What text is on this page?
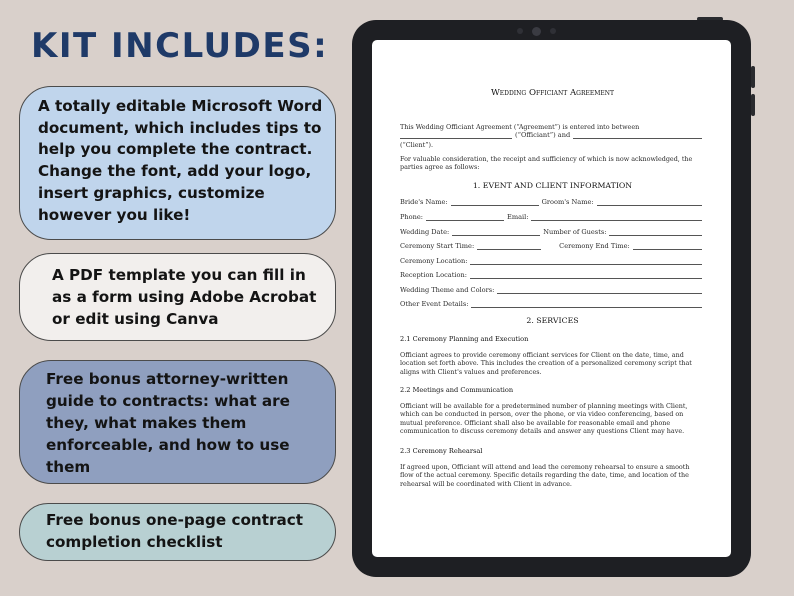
KIT INCLUDES:
A totally editable Microsoft Word document, which includes tips to help you complete the contract. Change the font, add your logo, insert graphics, customize however you like!
A PDF template you can fill in as a form using Adobe Acrobat or edit using Canva
Free bonus attorney-written guide to contracts: what are they, what makes them enforceable, and how to use them
Free bonus one-page contract completion checklist

Wedding Officiant Agreement

This Wedding Officiant Agreement (“Agreement”) is entered into between

(“Officiant”) and

(“Client”).

For valuable consideration, the receipt and sufficiency of which is now acknowledged, the parties agree as follows:

1. EVENT AND CLIENT INFORMATION

Bride's Name:	Groom's Name:
Phone:	Email:
Wedding Date:	Number of Guests:
Ceremony Start Time:	Ceremony End Time:
Ceremony Location:
Reception Location:
Wedding Theme and Colors:
Other Event Details:

2. SERVICES

2.1 Ceremony Planning and Execution

Officiant agrees to provide ceremony officiant services for Client on the date, time, and location set forth above. This includes the creation of a personalized ceremony script that aligns with Client's values and preferences.

2.2 Meetings and Communication

Officiant will be available for a predetermined number of planning meetings with Client, which can be conducted in person, over the phone, or via video conferencing, based on mutual preference. Officiant shall also be available for reasonable email and phone communication to discuss ceremony details and answer any questions Client may have.

2.3 Ceremony Rehearsal

If agreed upon, Officiant will attend and lead the ceremony rehearsal to ensure a smooth flow of the actual ceremony. Specific details regarding the date, time, and location of the rehearsal will be coordinated with Client in advance.
